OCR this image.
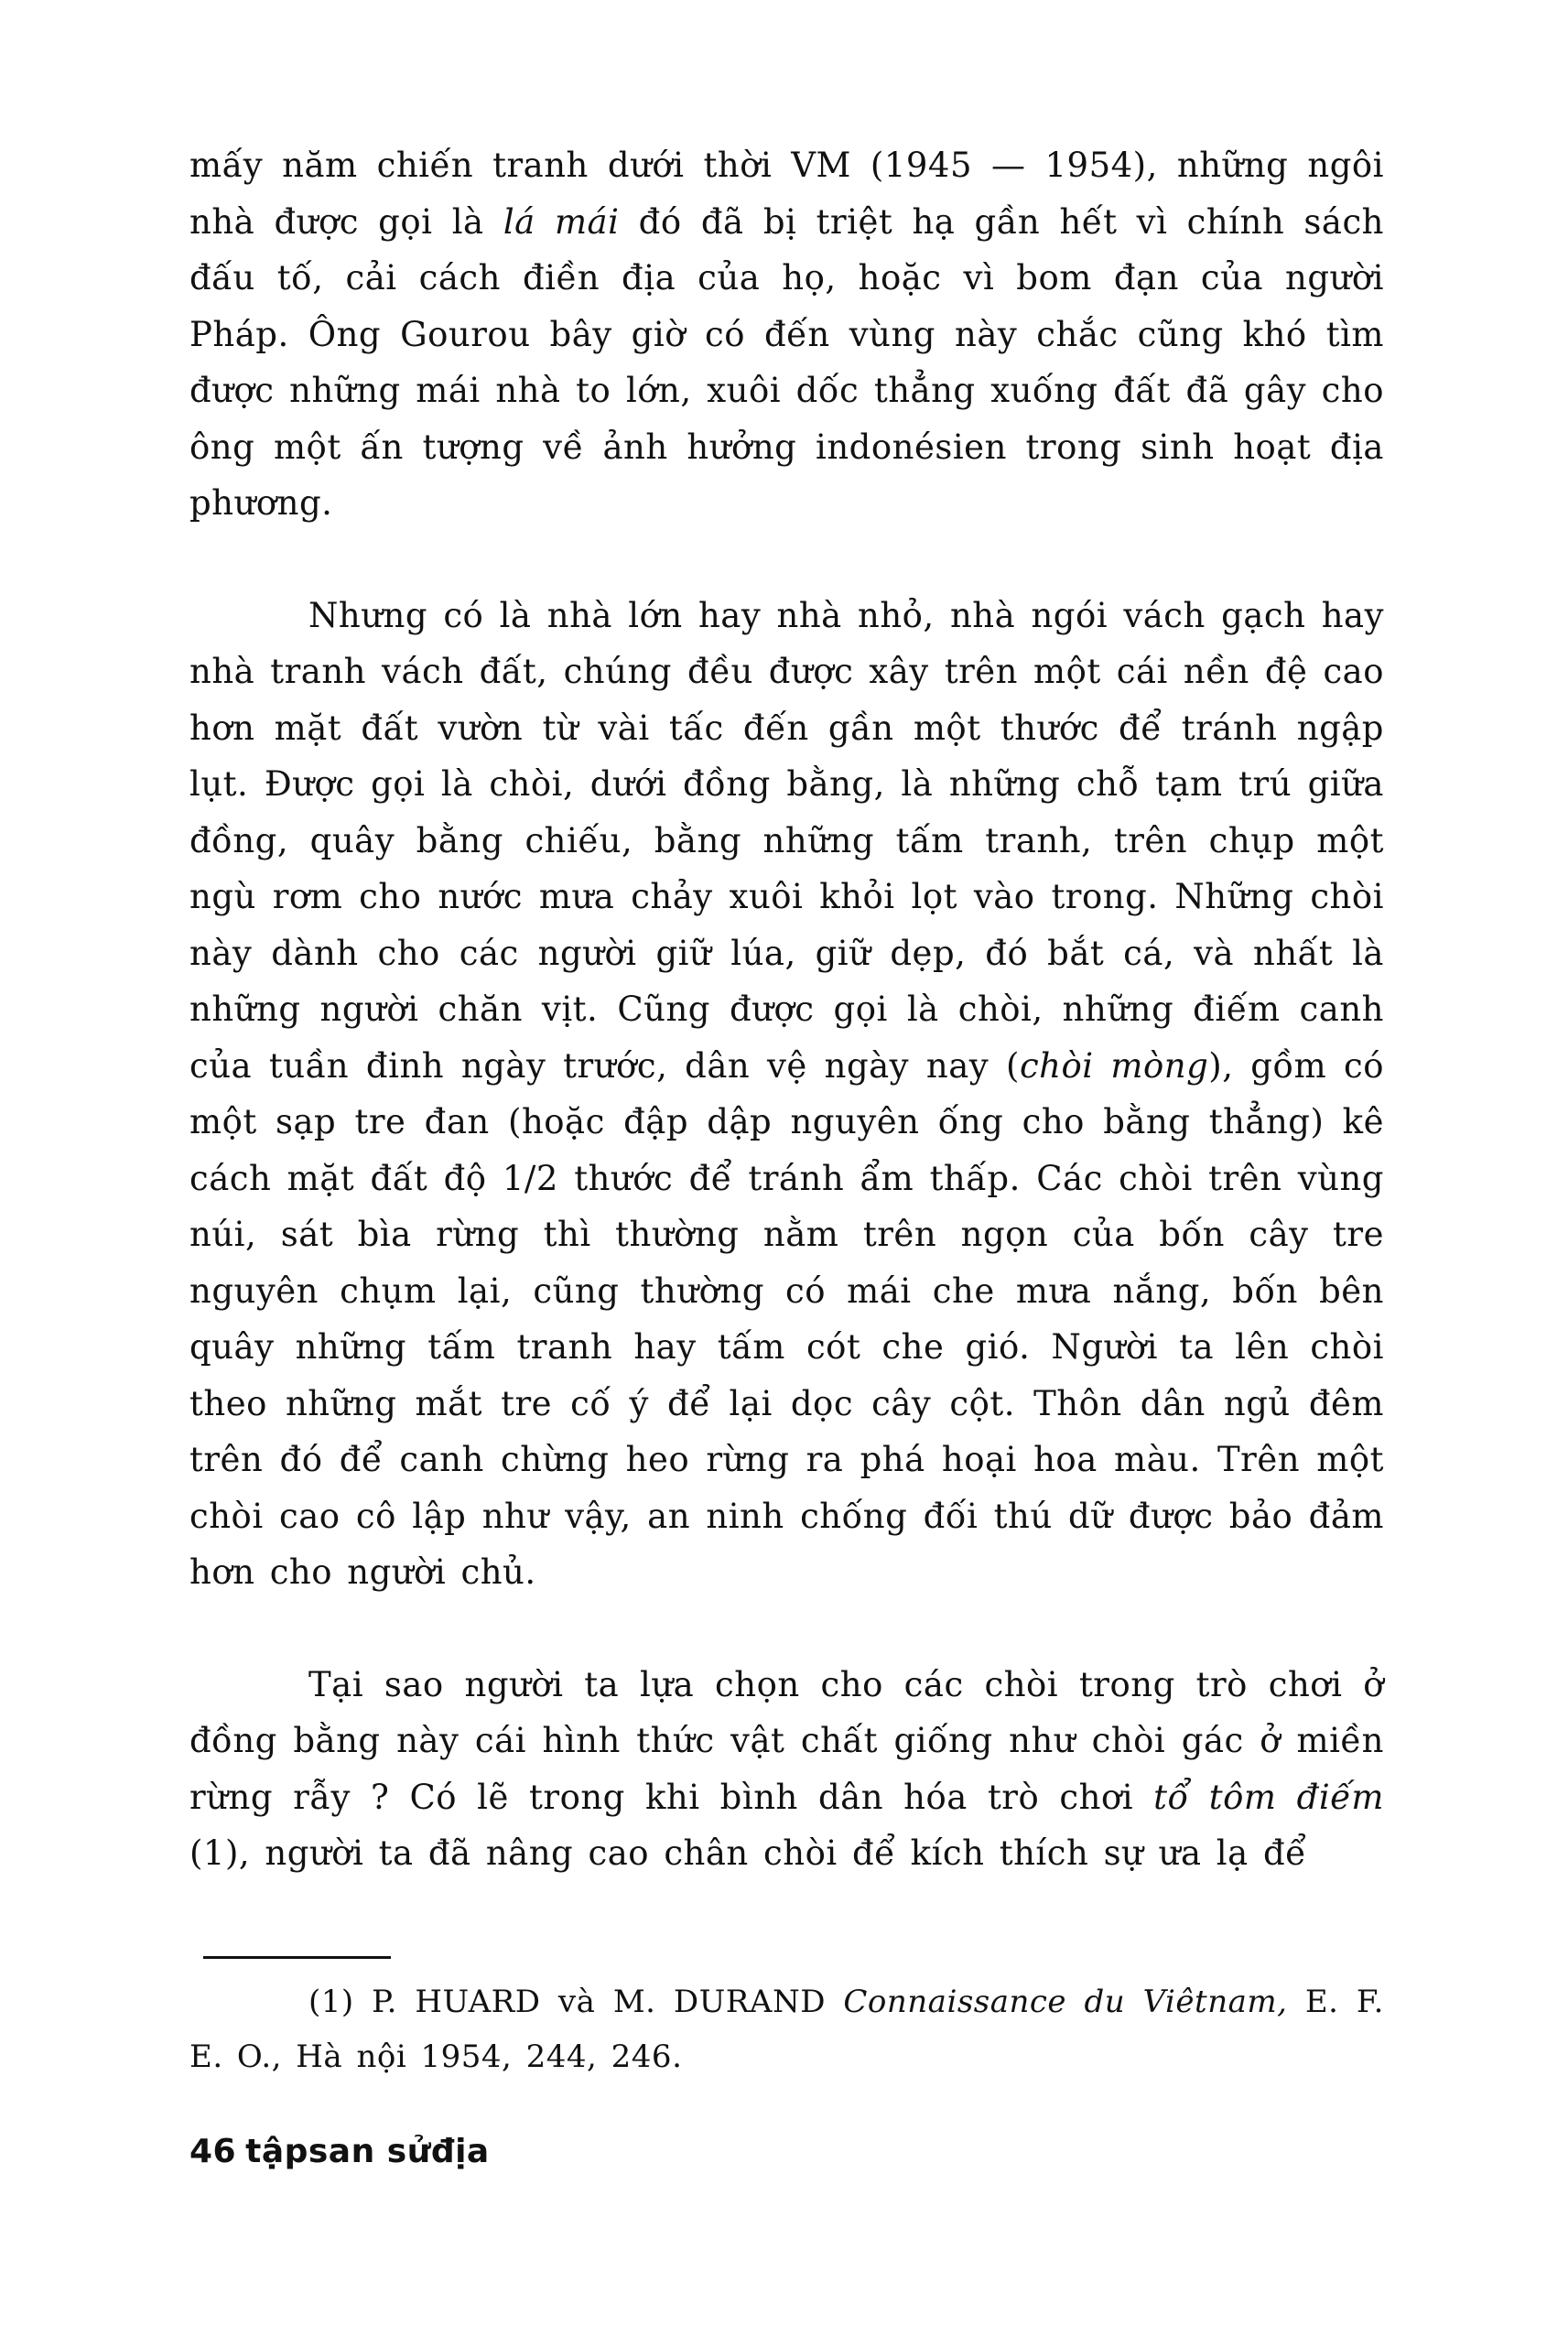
mấy năm chiến tranh dưới thời VM (1945 — 1954), những ngôi nhà được gọi là lá mái đó đã bị triệt hạ gần hết vì chính sách đấu tố, cải cách điền địa của họ, hoặc vì bom đạn của người Pháp. Ông Gourou bây giờ có đến vùng này chắc cũng khó tìm được những mái nhà to lớn, xuôi dốc thẳng xuống đất đã gây cho ông một ấn tượng về ảnh hưởng indonésien trong sinh hoạt địa phương.

Nhưng có là nhà lớn hay nhà nhỏ, nhà ngói vách gạch hay nhà tranh vách đất, chúng đều được xây trên một cái nền đệ cao hơn mặt đất vườn từ vài tấc đến gần một thước để tránh ngập lụt. Được gọi là chòi, dưới đồng bằng, là những chỗ tạm trú giữa đồng, quây bằng chiếu, bằng những tấm tranh, trên chụp một ngù rơm cho nước mưa chảy xuôi khỏi lọt vào trong. Những chòi này dành cho các người giữ lúa, giữ dẹp, đó bắt cá, và nhất là những người chăn vịt. Cũng được gọi là chòi, những điếm canh của tuần đinh ngày trước, dân vệ ngày nay (chòi mòng), gồm có một sạp tre đan (hoặc đập dập nguyên ống cho bằng thẳng) kê cách mặt đất độ 1/2 thước để tránh ẩm thấp. Các chòi trên vùng núi, sát bìa rừng thì thường nằm trên ngọn của bốn cây tre nguyên chụm lại, cũng thường có mái che mưa nắng, bốn bên quây những tấm tranh hay tấm cót che gió. Người ta lên chòi theo những mắt tre cố ý để lại dọc cây cột. Thôn dân ngủ đêm trên đó để canh chừng heo rừng ra phá hoại hoa màu. Trên một chòi cao cô lập như vậy, an ninh chống đối thú dữ được bảo đảm hơn cho người chủ.

Tại sao người ta lựa chọn cho các chòi trong trò chơi ở đồng bằng này cái hình thức vật chất giống như chòi gác ở miền rừng rẫy ? Có lẽ trong khi bình dân hóa trò chơi tổ tôm điếm (1), người ta đã nâng cao chân chòi để kích thích sự ưa lạ để

(1) P. HUARD và M. DURAND Connaissance du Viêtnam, E. F. E. O., Hà nội 1954, 244, 246.

46 tậpsan sửđịa
